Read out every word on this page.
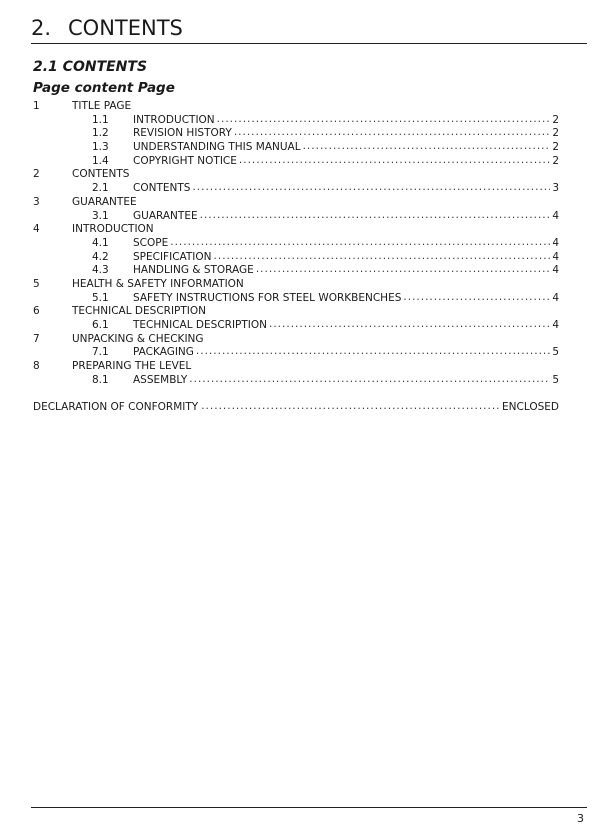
2. CONTENTS
2.1 CONTENTS
Page content Page
1	TITLE PAGE
1.1	INTRODUCTION .....	2
1.2	REVISION HISTORY .....	2
1.3	UNDERSTANDING THIS MANUAL .....	2
1.4	COPYRIGHT NOTICE .....	2
2	CONTENTS
2.1	CONTENTS .....	3
3	GUARANTEE
3.1	GUARANTEE .....	4
4	INTRODUCTION
4.1	SCOPE .....	4
4.2	SPECIFICATION .....	4
4.3	HANDLING & STORAGE .....	4
5	HEALTH & SAFETY INFORMATION
5.1	SAFETY INSTRUCTIONS FOR STEEL WORKBENCHES .....	4
6	TECHNICAL DESCRIPTION
6.1	TECHNICAL DESCRIPTION .....	4
7	UNPACKING & CHECKING
7.1	PACKAGING .....	5
8	PREPARING THE LEVEL
8.1	ASSEMBLY .....	5
DECLARATION OF CONFORMITY .....	ENCLOSED
3
